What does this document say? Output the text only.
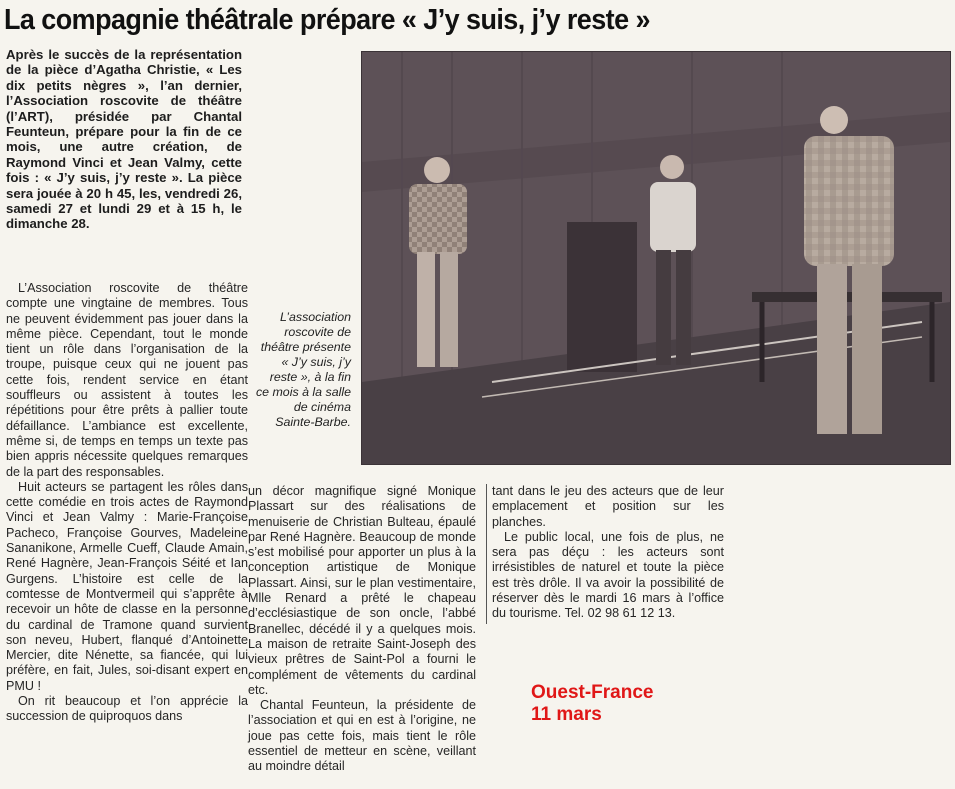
La compagnie théâtrale prépare « J’y suis, j’y reste »

Après le succès de la représentation de la pièce d’Agatha Christie, « Les dix petits nègres », l’an dernier, l’Association roscovite de théâtre (l’ART), présidée par Chantal Feunteun, prépare pour la fin de ce mois, une autre création, de Raymond Vinci et Jean Valmy, cette fois : « J’y suis, j’y reste ». La pièce sera jouée à 20 h 45, les, vendredi 26, samedi 27 et lundi 29 et à 15 h, le dimanche 28.

L’Association roscovite de théâtre compte une vingtaine de membres. Tous ne peuvent évidemment pas jouer dans la même pièce. Cependant, tout le monde tient un rôle dans l’organisation de la troupe, puisque ceux qui ne jouent pas cette fois, rendent service en étant souffleurs ou assistent à toutes les répétitions pour être prêts à pallier toute défaillance. L’ambiance est excellente, même si, de temps en temps un texte pas bien appris nécessite quelques remarques de la part des responsables.

Huit acteurs se partagent les rôles dans cette comédie en trois actes de Raymond Vinci et Jean Valmy : Marie-Françoise Pacheco, Françoise Gourves, Madeleine Sananikone, Armelle Cueff, Claude Amain, René Hagnère, Jean-François Séité et Ian Gurgens. L’histoire est celle de la comtesse de Montvermeil qui s’apprête à recevoir un hôte de classe en la personne du cardinal de Tramone quand survient son neveu, Hubert, flanqué d’Antoinette Mercier, dite Nénette, sa fiancée, qui lui préfère, en fait, Jules, soi-disant expert en PMU !

On rit beaucoup et l’on apprécie la succession de quiproquos dans

L’association roscovite de théâtre présente « J’y suis, j’y reste », à la fin ce mois à la salle de cinéma Sainte-Barbe.

un décor magnifique signé Monique Plassart sur des réalisations de menuiserie de Christian Bulteau, épaulé par René Hagnère. Beaucoup de monde s’est mobilisé pour apporter un plus à la conception artistique de Monique Plassart. Ainsi, sur le plan vestimentaire, Mlle Renard a prêté le chapeau d’ecclésiastique de son oncle, l’abbé Branellec, décédé il y a quelques mois. La maison de retraite Saint-Joseph des vieux prêtres de Saint-Pol a fourni le complément de vêtements du cardinal etc.

Chantal Feunteun, la présidente de l’association et qui en est à l’origine, ne joue pas cette fois, mais tient le rôle essentiel de metteur en scène, veillant au moindre détail

tant dans le jeu des acteurs que de leur emplacement et position sur les planches.

Le public local, une fois de plus, ne sera pas déçu : les acteurs sont irrésistibles de naturel et toute la pièce est très drôle. Il va avoir la possibilité de réserver dès le mardi 16 mars à l’office du tourisme. Tel. 02 98 61 12 13.

Ouest-France
11 mars
